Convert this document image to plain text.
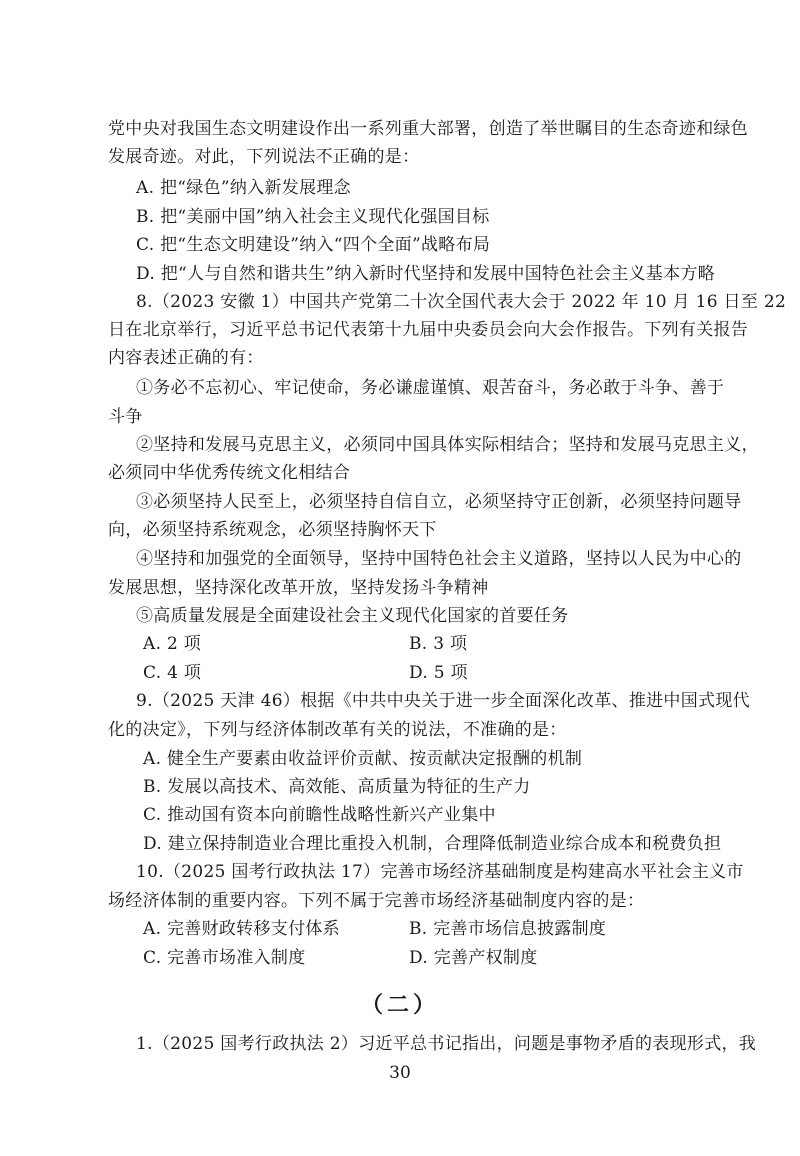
党中央对我国生态文明建设作出一系列重大部署，创造了举世瞩目的生态奇迹和绿色
发展奇迹。对此，下列说法不正确的是：
A. 把“绿色”纳入新发展理念
B. 把“美丽中国”纳入社会主义现代化强国目标
C. 把“生态文明建设”纳入“四个全面”战略布局
D. 把“人与自然和谐共生”纳入新时代坚持和发展中国特色社会主义基本方略
8.（2023 安徽 1）中国共产党第二十次全国代表大会于 2022 年 10 月 16 日至 22
日在北京举行，习近平总书记代表第十九届中央委员会向大会作报告。下列有关报告
内容表述正确的有：
①务必不忘初心、牢记使命，务必谦虚谨慎、艰苦奋斗，务必敢于斗争、善于
斗争
②坚持和发展马克思主义，必须同中国具体实际相结合；坚持和发展马克思主义，
必须同中华优秀传统文化相结合
③必须坚持人民至上，必须坚持自信自立，必须坚持守正创新，必须坚持问题导
向，必须坚持系统观念，必须坚持胸怀天下
④坚持和加强党的全面领导，坚持中国特色社会主义道路，坚持以人民为中心的
发展思想，坚持深化改革开放，坚持发扬斗争精神
⑤高质量发展是全面建设社会主义现代化国家的首要任务
A. 2 项	B. 3 项
C. 4 项	D. 5 项
9.（2025 天津 46）根据《中共中央关于进一步全面深化改革、推进中国式现代
化的决定》，下列与经济体制改革有关的说法，不准确的是：
A. 健全生产要素由收益评价贡献、按贡献决定报酬的机制
B. 发展以高技术、高效能、高质量为特征的生产力
C. 推动国有资本向前瞻性战略性新兴产业集中
D. 建立保持制造业合理比重投入机制，合理降低制造业综合成本和税费负担
10.（2025 国考行政执法 17）完善市场经济基础制度是构建高水平社会主义市
场经济体制的重要内容。下列不属于完善市场经济基础制度内容的是：
A. 完善财政转移支付体系	B. 完善市场信息披露制度
C. 完善市场准入制度	D. 完善产权制度
（二）
1.（2025 国考行政执法 2）习近平总书记指出，问题是事物矛盾的表现形式，我
30
